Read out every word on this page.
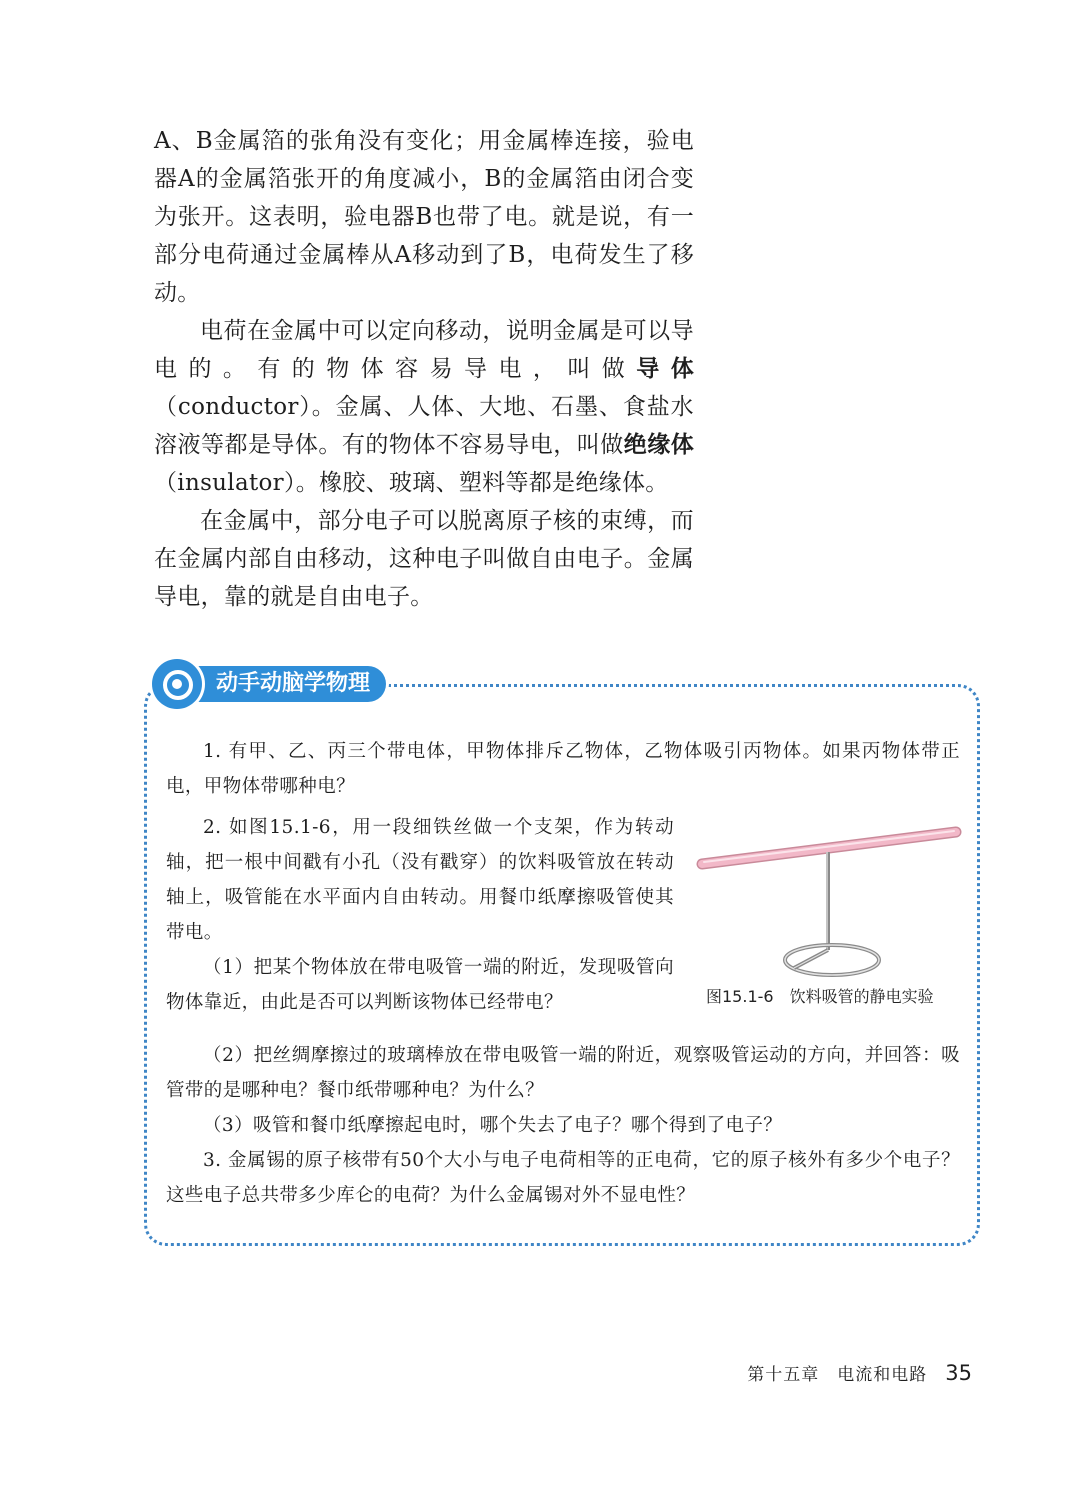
A、B金属箔的张角没有变化；用金属棒连接，验电器A的金属箔张开的角度减小，B的金属箔由闭合变为张开。这表明，验电器B也带了电。就是说，有一部分电荷通过金属棒从A移动到了B，电荷发生了移动。

电荷在金属中可以定向移动，说明金属是可以导电的。有的物体容易导电，叫做导体（conductor）。金属、人体、大地、石墨、食盐水溶液等都是导体。有的物体不容易导电，叫做绝缘体（insulator）。橡胶、玻璃、塑料等都是绝缘体。

在金属中，部分电子可以脱离原子核的束缚，而在金属内部自由移动，这种电子叫做自由电子。金属导电，靠的就是自由电子。

动手动脑学物理

1. 有甲、乙、丙三个带电体，甲物体排斥乙物体，乙物体吸引丙物体。如果丙物体带正电，甲物体带哪种电？

2. 如图15.1-6，用一段细铁丝做一个支架，作为转动轴，把一根中间戳有小孔（没有戳穿）的饮料吸管放在转动轴上，吸管能在水平面内自由转动。用餐巾纸摩擦吸管使其带电。

（1）把某个物体放在带电吸管一端的附近，发现吸管向物体靠近，由此是否可以判断该物体已经带电？

（2）把丝绸摩擦过的玻璃棒放在带电吸管一端的附近，观察吸管运动的方向，并回答：吸管带的是哪种电？餐巾纸带哪种电？为什么？

（3）吸管和餐巾纸摩擦起电时，哪个失去了电子？哪个得到了电子？

3. 金属锡的原子核带有50个大小与电子电荷相等的正电荷，它的原子核外有多少个电子？这些电子总共带多少库仑的电荷？为什么金属锡对外不显电性？

图15.1-6　饮料吸管的静电实验
第十五章　电流和电路 35
